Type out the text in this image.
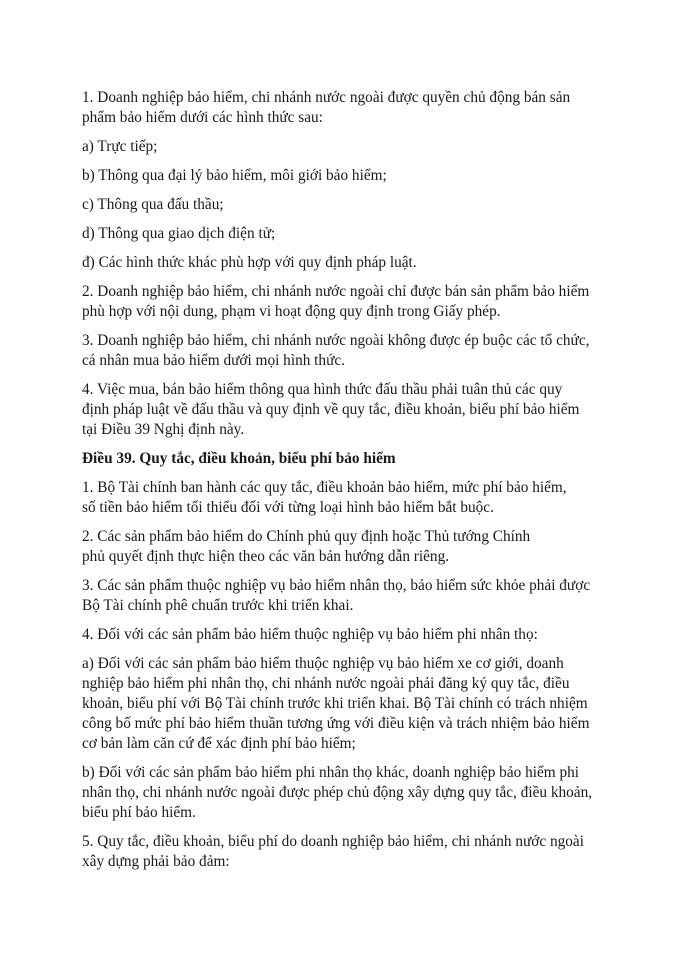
1. Doanh nghiệp bảo hiểm, chi nhánh nước ngoài được quyền chủ động bán sản
phẩm bảo hiểm dưới các hình thức sau:
a) Trực tiếp;
b) Thông qua đại lý bảo hiểm, môi giới bảo hiểm;
c) Thông qua đấu thầu;
d) Thông qua giao dịch điện tử;
đ) Các hình thức khác phù hợp với quy định pháp luật.
2. Doanh nghiệp bảo hiểm, chi nhánh nước ngoài chỉ được bán sản phẩm bảo hiểm
phù hợp với nội dung, phạm vi hoạt động quy định trong Giấy phép.
3. Doanh nghiệp bảo hiểm, chi nhánh nước ngoài không được ép buộc các tổ chức,
cá nhân mua bảo hiểm dưới mọi hình thức.
4. Việc mua, bán bảo hiểm thông qua hình thức đấu thầu phải tuân thủ các quy
định pháp luật về đấu thầu và quy định về quy tắc, điều khoản, biểu phí bảo hiểm
tại Điều 39 Nghị định này.
Điều 39. Quy tắc, điều khoản, biểu phí bảo hiểm
1. Bộ Tài chính ban hành các quy tắc, điều khoản bảo hiểm, mức phí bảo hiểm,
số tiền bảo hiểm tối thiểu đối với từng loại hình bảo hiểm bắt buộc.
2. Các sản phẩm bảo hiểm do Chính phủ quy định hoặc Thủ tướng Chính
phủ quyết định thực hiện theo các văn bản hướng dẫn riêng.
3. Các sản phẩm thuộc nghiệp vụ bảo hiểm nhân thọ, bảo hiểm sức khỏe phải được
Bộ Tài chính phê chuẩn trước khi triển khai.
4. Đối với các sản phẩm bảo hiểm thuộc nghiệp vụ bảo hiểm phi nhân thọ:
a) Đối với các sản phẩm bảo hiểm thuộc nghiệp vụ bảo hiểm xe cơ giới, doanh
nghiệp bảo hiểm phi nhân thọ, chi nhánh nước ngoài phải đăng ký quy tắc, điều
khoản, biểu phí với Bộ Tài chính trước khi triển khai. Bộ Tài chính có trách nhiệm
công bố mức phí bảo hiểm thuần tương ứng với điều kiện và trách nhiệm bảo hiểm
cơ bản làm căn cứ để xác định phí bảo hiểm;
b) Đối với các sản phẩm bảo hiểm phi nhân thọ khác, doanh nghiệp bảo hiểm phi
nhân thọ, chi nhánh nước ngoài được phép chủ động xây dựng quy tắc, điều khoản,
biểu phí bảo hiểm.
5. Quy tắc, điều khoản, biểu phí do doanh nghiệp bảo hiểm, chi nhánh nước ngoài
xây dựng phải bảo đảm:
